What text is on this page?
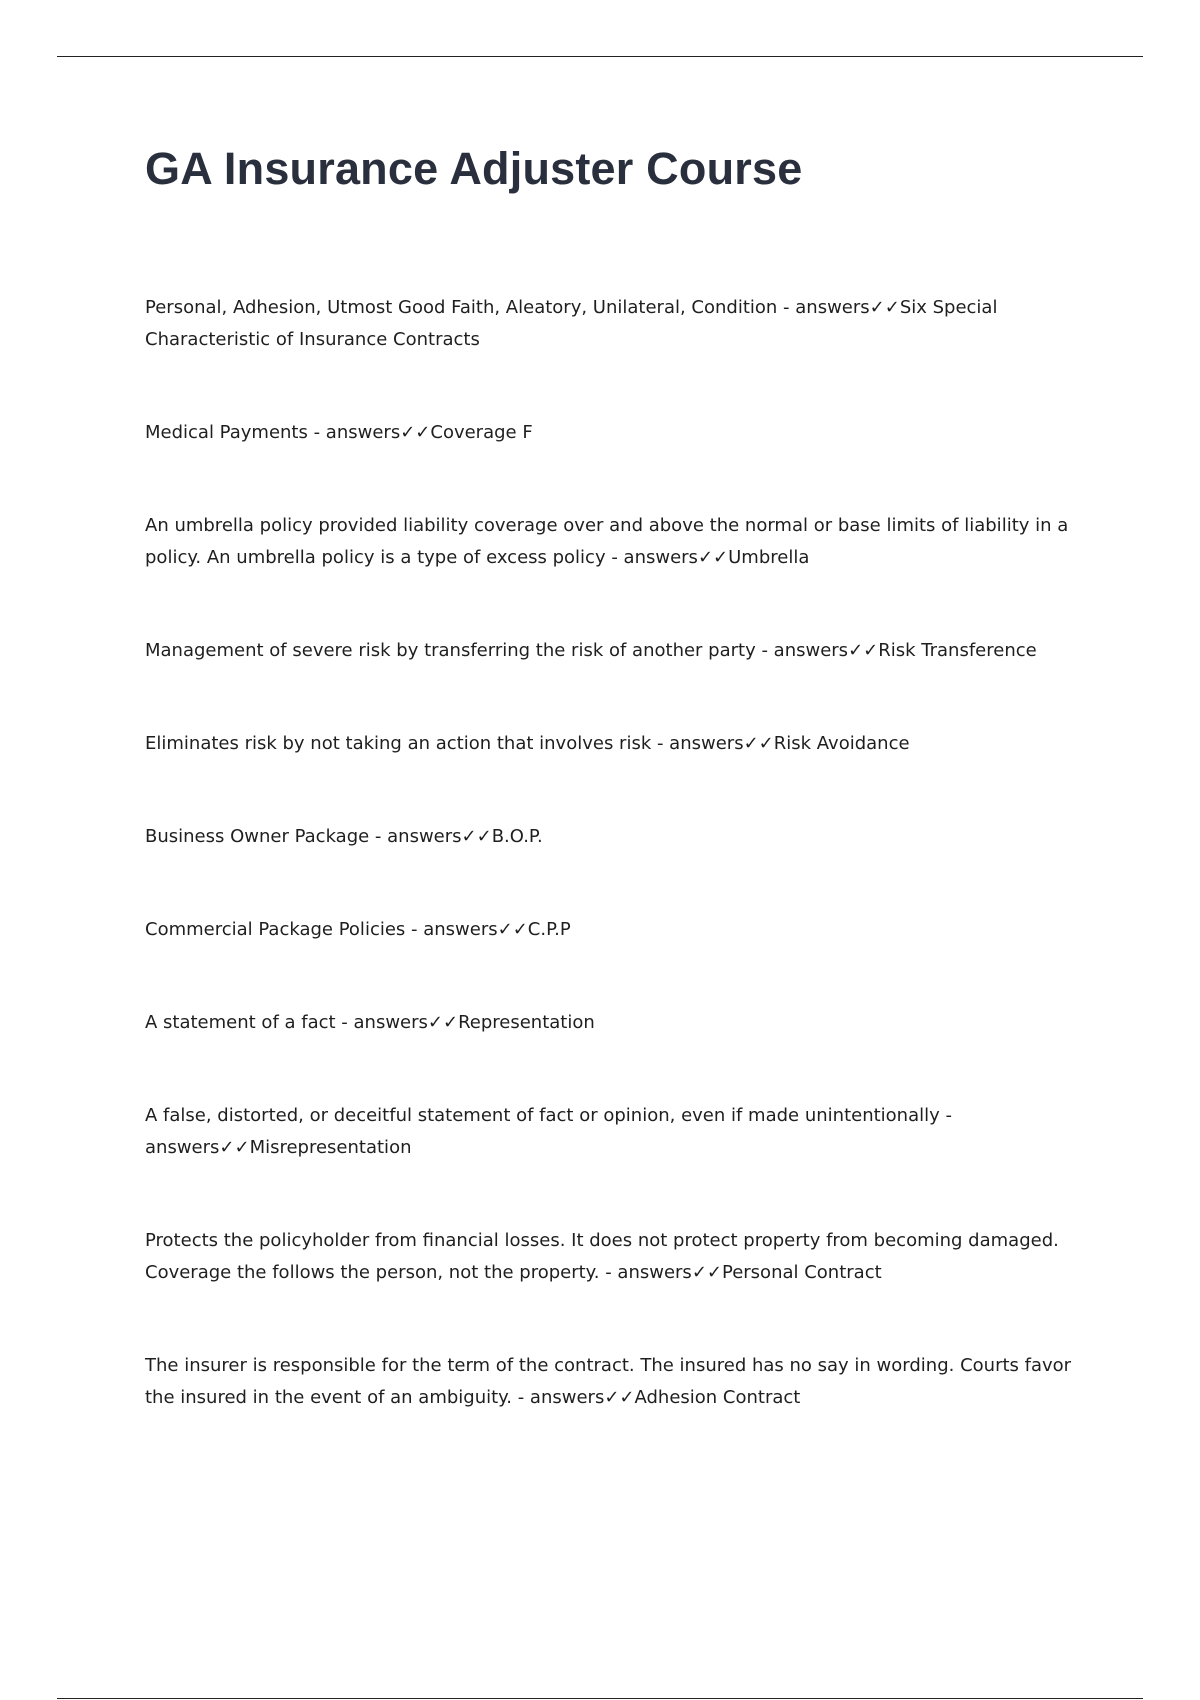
GA Insurance Adjuster Course

Personal, Adhesion, Utmost Good Faith, Aleatory, Unilateral, Condition - answers✓✓Six Special Characteristic of Insurance Contracts

Medical Payments - answers✓✓Coverage F

An umbrella policy provided liability coverage over and above the normal or base limits of liability in a policy. An umbrella policy is a type of excess policy - answers✓✓Umbrella

Management of severe risk by transferring the risk of another party - answers✓✓Risk Transference

Eliminates risk by not taking an action that involves risk - answers✓✓Risk Avoidance

Business Owner Package - answers✓✓B.O.P.

Commercial Package Policies - answers✓✓C.P.P

A statement of a fact - answers✓✓Representation

A false, distorted, or deceitful statement of fact or opinion, even if made unintentionally - answers✓✓Misrepresentation

Protects the policyholder from financial losses. It does not protect property from becoming damaged. Coverage the follows the person, not the property. - answers✓✓Personal Contract

The insurer is responsible for the term of the contract. The insured has no say in wording. Courts favor the insured in the event of an ambiguity. - answers✓✓Adhesion Contract
